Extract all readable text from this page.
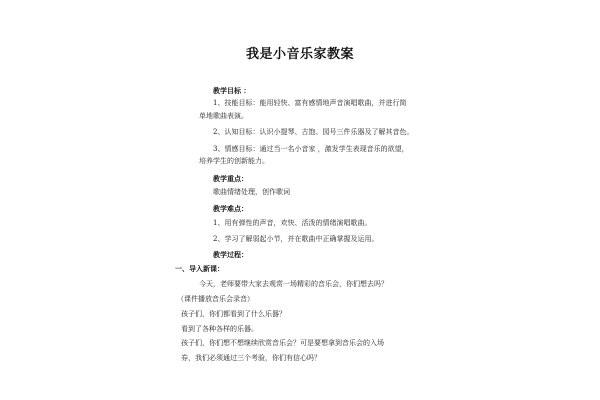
我是小音乐家教案
教学目标 ：
1、技能目标：能用轻快、富有感情地声音演唱歌曲，并进行简
单地歌曲表演。
2、认知目标：认识小提琴、古饱、园号三件乐器及了解其音色。
3、情感目标：通过当一名小音家 ，激发学生表现音乐的欲望，
培养学生的创新能力。
教学重点：
歌曲情绪处理，创作歌词
教学难点：
1、用有弹性的声音，欢快、活泼的情绪演唱歌曲。
2、学习了解弱起小节，并在歌曲中正确掌握及运用。
教学过程：
一、导入新课：
今天，老师要带大家去观赏一场精彩的音乐会，你们想去吗？
（课件播放音乐会录音）
孩子们，你们都看到了什么乐器？
看到了各种各样的乐器。
孩子们，你们想不想继续欣赏音乐会？可是要想拿到音乐会的入场
券，我们必须通过三个考验，你们有信心吗？
